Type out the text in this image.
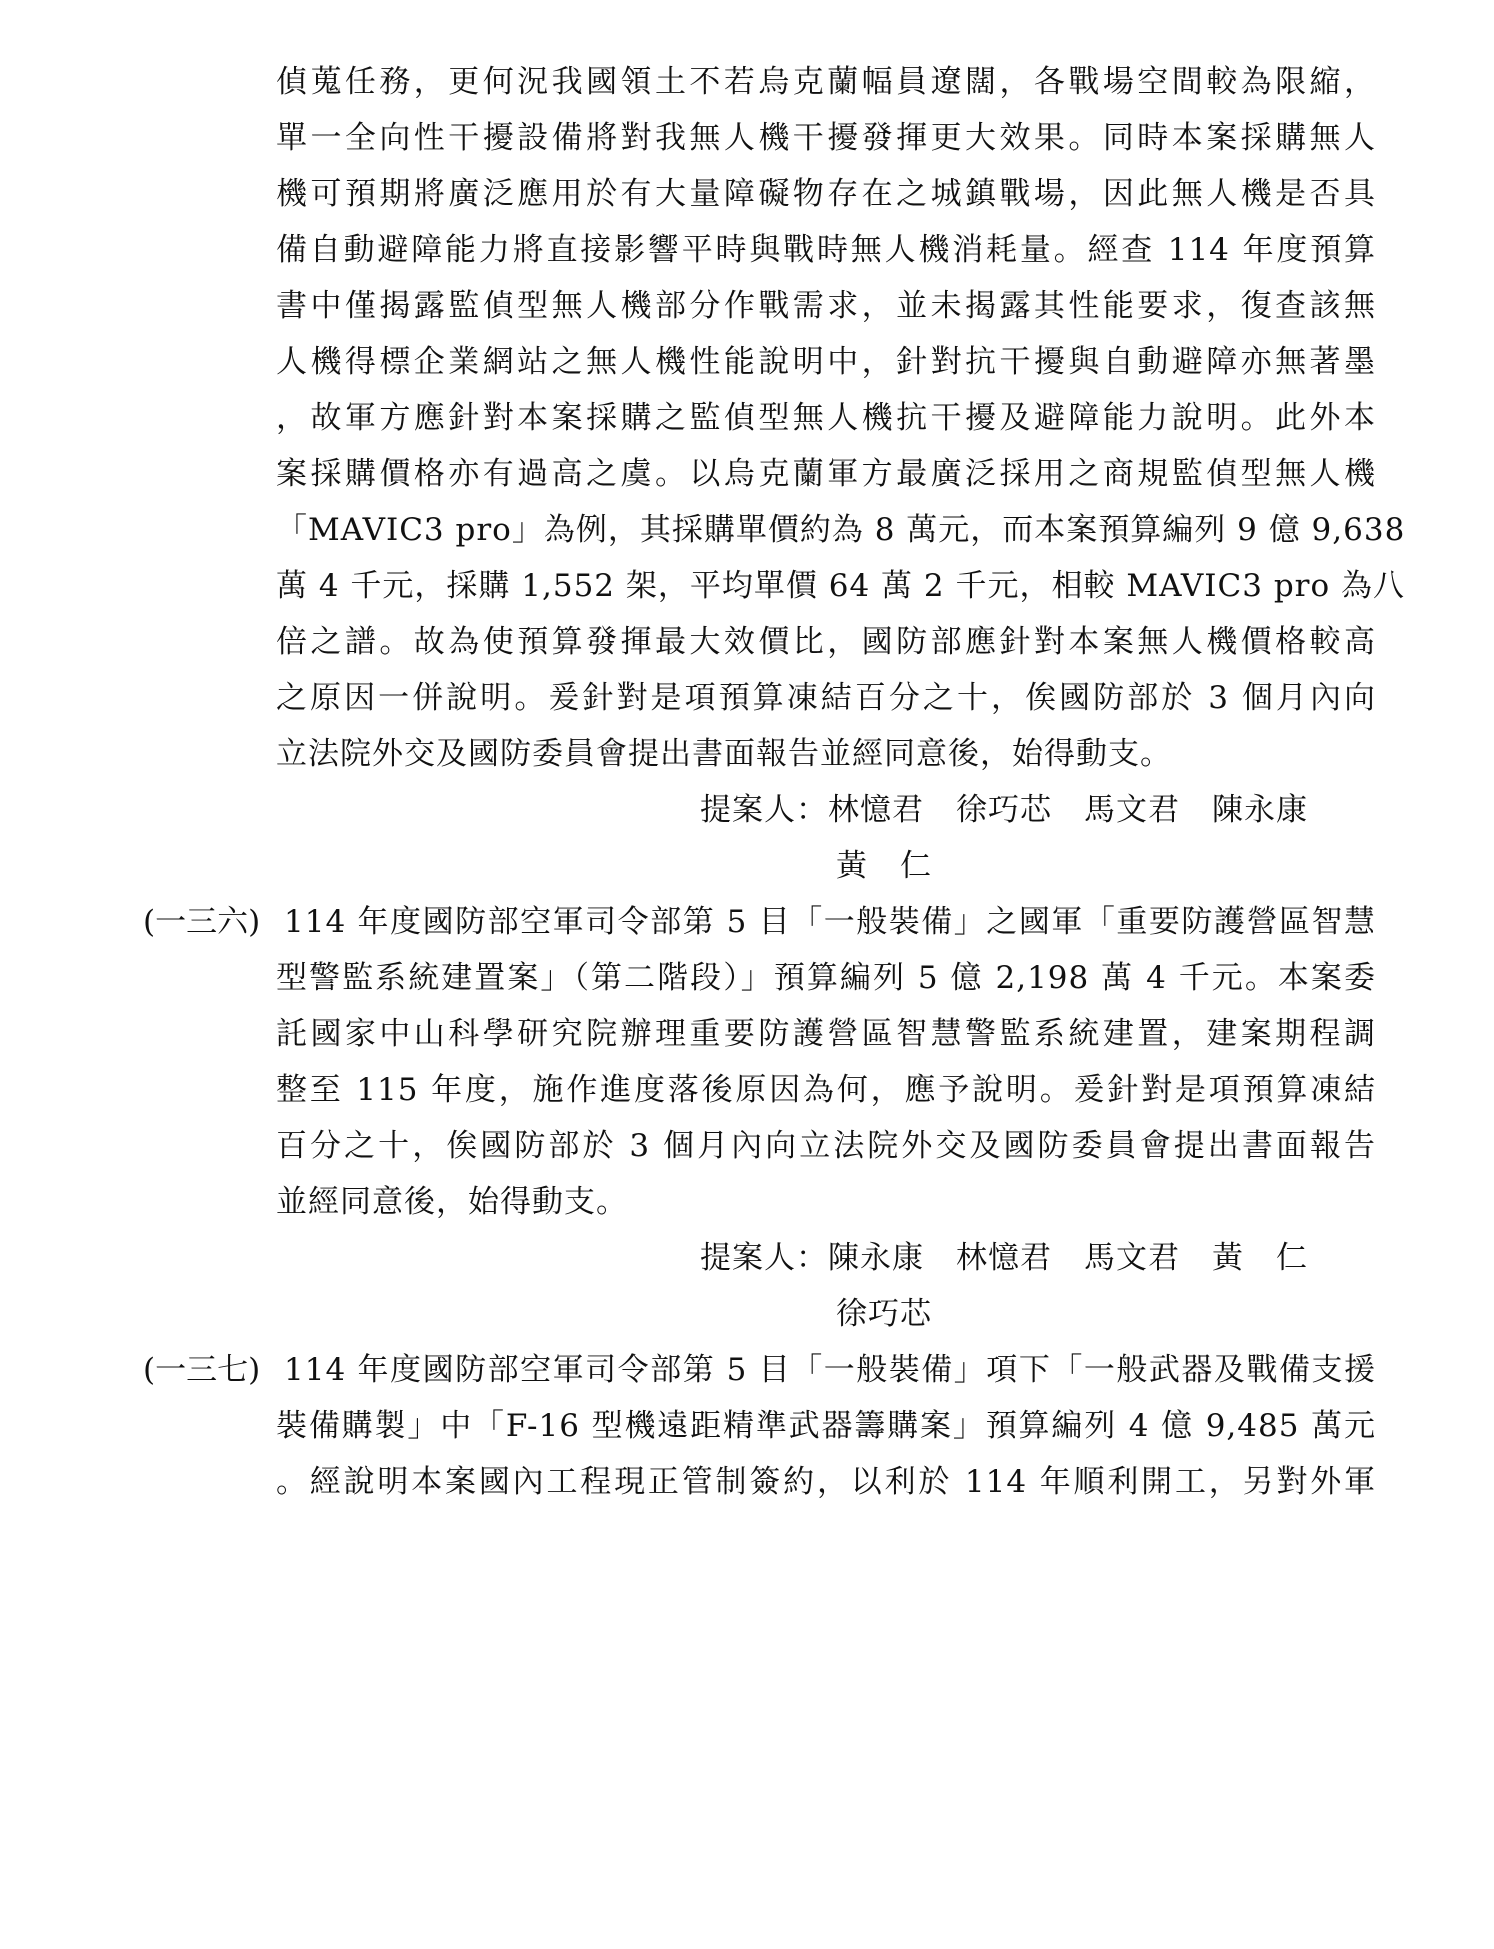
偵蒐任務，更何況我國領土不若烏克蘭幅員遼闊，各戰場空間較為限縮，
單一全向性干擾設備將對我無人機干擾發揮更大效果。同時本案採購無人
機可預期將廣泛應用於有大量障礙物存在之城鎮戰場，因此無人機是否具
備自動避障能力將直接影響平時與戰時無人機消耗量。經查 114 年度預算
書中僅揭露監偵型無人機部分作戰需求，並未揭露其性能要求，復查該無
人機得標企業網站之無人機性能說明中，針對抗干擾與自動避障亦無著墨
，故軍方應針對本案採購之監偵型無人機抗干擾及避障能力說明。此外本
案採購價格亦有過高之虞。以烏克蘭軍方最廣泛採用之商規監偵型無人機
「MAVIC3 pro」為例，其採購單價約為 8 萬元，而本案預算編列 9 億 9,638
萬 4 千元，採購 1,552 架，平均單價 64 萬 2 千元，相較 MAVIC3 pro 為八
倍之譜。故為使預算發揮最大效價比，國防部應針對本案無人機價格較高
之原因一併說明。爰針對是項預算凍結百分之十，俟國防部於 3 個月內向
立法院外交及國防委員會提出書面報告並經同意後，始得動支。
提案人：林憶君　徐巧芯　馬文君　陳永康
黃　仁
(一三六) 114 年度國防部空軍司令部第 5 目「一般裝備」之國軍「重要防護營區智慧
型警監系統建置案」（第二階段）」預算編列 5 億 2,198 萬 4 千元。本案委
託國家中山科學研究院辦理重要防護營區智慧警監系統建置，建案期程調
整至 115 年度，施作進度落後原因為何，應予說明。爰針對是項預算凍結
百分之十，俟國防部於 3 個月內向立法院外交及國防委員會提出書面報告
並經同意後，始得動支。
提案人：陳永康　林憶君　馬文君　黃　仁
徐巧芯
(一三七) 114 年度國防部空軍司令部第 5 目「一般裝備」項下「一般武器及戰備支援
裝備購製」中「F-16 型機遠距精準武器籌購案」預算編列 4 億 9,485 萬元
。經說明本案國內工程現正管制簽約，以利於 114 年順利開工，另對外軍
